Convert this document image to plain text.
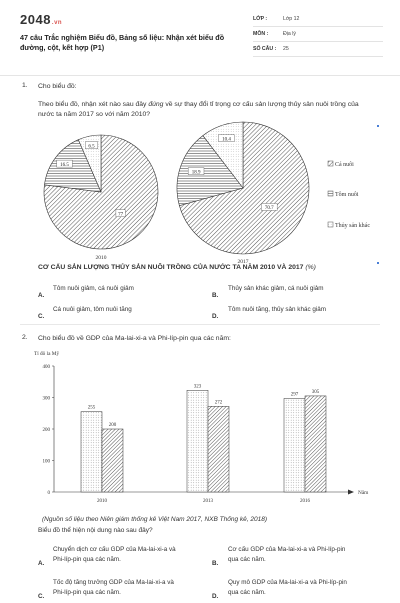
2048.vn
47 câu Trắc nghiệm Biểu đồ, Bảng số liệu: Nhận xét biểu đồ đường, cột, kết hợp (P1)
LỚP :	Lớp 12
MÔN :	Địa lý
SỐ CÂU : 25
1. Cho biểu đồ:
Theo biểu đồ, nhận xét nào sau đây đúng về sự thay đổi tỉ trọng cơ cấu sản lượng thủy sản nuôi trồng của nước ta năm 2017 so với năm 2010?
77
16.5
6.5
70.7
18.9
10.4
2010
2017
Cá nuôi
Tôm nuôi
Thủy sản khác
CƠ CẤU SẢN LƯỢNG THỦY SẢN NUÔI TRỒNG CỦA NƯỚC TA NĂM 2010 VÀ 2017 (%)
A.
Tôm nuôi giảm, cá nuôi giảm
B.
Thủy sản khác giảm, cá nuôi giảm
C.
Cá nuôi giảm, tôm nuôi tăng
D.
Tôm nuôi tăng, thủy sản khác giảm
2. Cho biểu đồ về GDP của Ma-lai-xi-a và Phi-líp-pin qua các năm:
Tỉ đô la Mỹ
0
100
200
300
400
Năm
255
200
323
272
297
305
2010	2013	2016
(Nguồn số liệu theo Niên giám thống kê Việt Nam 2017, NXB Thống kê, 2018)
Biểu đồ thể hiện nội dung nào sau đây?
A.
Chuyển dịch cơ cấu GDP của Ma-lai-xi-a và
Phi-líp-pin qua các năm.
B.
Cơ cấu GDP của Ma-lai-xi-a và Phi-líp-pin
qua các năm.
C.
Tốc độ tăng trưởng GDP của Ma-lai-xi-a và
Phi-líp-pin qua các năm.
D.
Quy mô GDP của Ma-lai-xi-a và Phi-líp-pin
qua các năm.
